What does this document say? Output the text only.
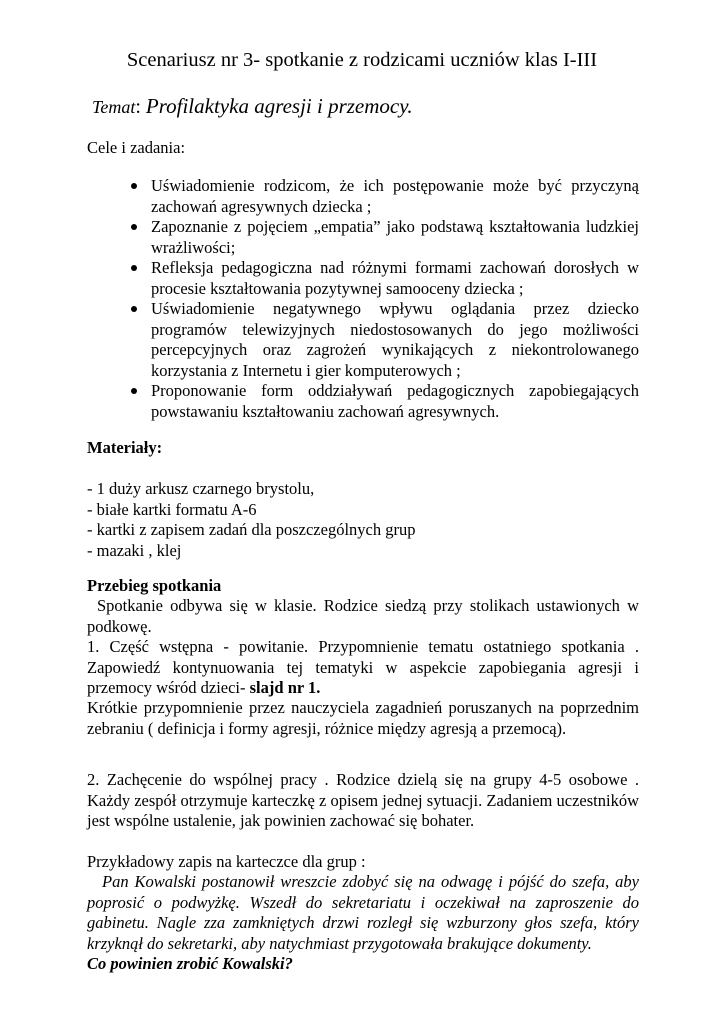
Scenariusz nr 3- spotkanie z rodzicami uczniów klas I-III
Temat: Profilaktyka agresji i przemocy.
Cele i zadania:
Uświadomienie rodzicom, że ich postępowanie może być przyczyną zachowań agresywnych dziecka ;
Zapoznanie z pojęciem „empatia” jako podstawą kształtowania ludzkiej wrażliwości;
Refleksja pedagogiczna nad różnymi formami zachowań dorosłych w procesie kształtowania pozytywnej samooceny dziecka ;
Uświadomienie negatywnego wpływu oglądania przez dziecko programów telewizyjnych niedostosowanych do jego możliwości percepcyjnych oraz zagrożeń wynikających z niekontrolowanego korzystania z Internetu i gier komputerowych ;
Proponowanie form oddziaływań pedagogicznych zapobiegających powstawaniu kształtowaniu zachowań agresywnych.
Materiały:
- 1 duży arkusz czarnego brystolu,
- białe kartki formatu A-6
- kartki z zapisem zadań dla poszczególnych grup
- mazaki , klej
Przebieg spotkania
Spotkanie odbywa się w klasie. Rodzice siedzą przy stolikach ustawionych w podkowę.
1. Część wstępna - powitanie. Przypomnienie tematu ostatniego spotkania . Zapowiedź kontynuowania tej tematyki w aspekcie zapobiegania agresji i przemocy wśród dzieci- slajd nr 1.
Krótkie przypomnienie przez nauczyciela zagadnień poruszanych na poprzednim zebraniu ( definicja i formy agresji, różnice między agresją a przemocą).
2. Zachęcenie do wspólnej pracy . Rodzice dzielą się na grupy 4-5 osobowe . Każdy zespół otrzymuje karteczkę z opisem jednej sytuacji. Zadaniem uczestników jest wspólne ustalenie, jak powinien zachować się bohater.
Przykładowy zapis na karteczce dla grup :
Pan Kowalski postanowił wreszcie zdobyć się na odwagę i pójść do szefa, aby poprosić o podwyżkę. Wszedł do sekretariatu i oczekiwał na zaproszenie do gabinetu. Nagle zza zamkniętych drzwi rozległ się wzburzony głos szefa, który krzyknął do sekretarki, aby natychmiast przygotowała brakujące dokumenty.
Co powinien zrobić Kowalski?
